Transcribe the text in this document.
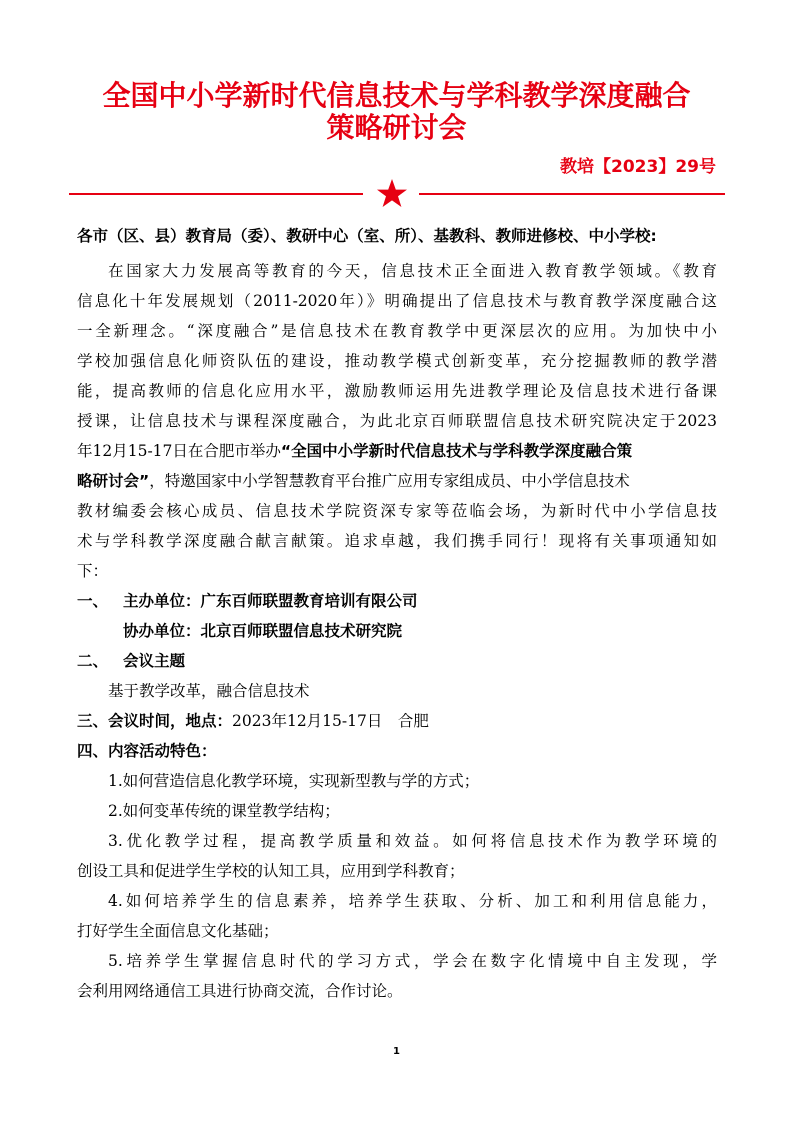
全国中小学新时代信息技术与学科教学深度融合
策略研讨会
教培【2023】29号
各市（区、县）教育局（委）、教研中心（室、所）、基教科、教师进修校、中小学校:
在国家大力发展高等教育的今天，信息技术正全面进入教育教学领域。《教育
信息化十年发展规划（2011-2020年）》明确提出了信息技术与教育教学深度融合这
一全新理念。“深度融合”是信息技术在教育教学中更深层次的应用。为加快中小
学校加强信息化师资队伍的建设，推动教学模式创新变革，充分挖掘教师的教学潜
能，提高教师的信息化应用水平，激励教师运用先进教学理论及信息技术进行备课
授课，让信息技术与课程深度融合，为此北京百师联盟信息技术研究院决定于2023
年12月15-17日在合肥市举办“全国中小学新时代信息技术与学科教学深度融合策
略研讨会”，特邀国家中小学智慧教育平台推广应用专家组成员、中小学信息技术
教材编委会核心成员、信息技术学院资深专家等莅临会场，为新时代中小学信息技
术与学科教学深度融合献言献策。追求卓越，我们携手同行！现将有关事项通知如
下：
一、 主办单位：广东百师联盟教育培训有限公司
协办单位：北京百师联盟信息技术研究院
二、 会议主题
基于教学改革，融合信息技术
三、会议时间，地点：2023年12月15-17日　合肥
四、内容活动特色：
1.如何营造信息化教学环境，实现新型教与学的方式；
2.如何变革传统的课堂教学结构；
3.优化教学过程，提高教学质量和效益。如何将信息技术作为教学环境的
创设工具和促进学生学校的认知工具，应用到学科教育；
4.如何培养学生的信息素养，培养学生获取、分析、加工和利用信息能力，
打好学生全面信息文化基础；
5.培养学生掌握信息时代的学习方式，学会在数字化情境中自主发现，学
会利用网络通信工具进行协商交流，合作讨论。
1
